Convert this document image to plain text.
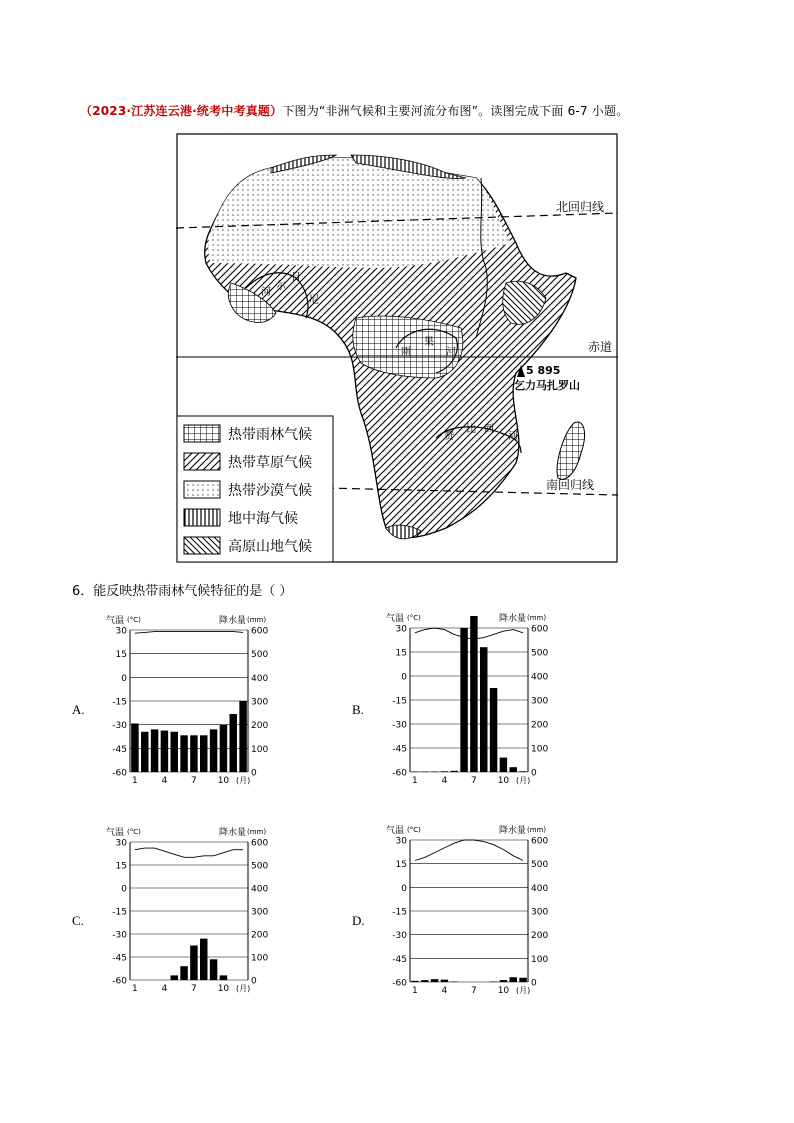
（2023·江苏连云港·统考中考真题）下图为“非洲气候和主要河流分布图”。读图完成下面 6-7 小题。
北回归线
赤道
南回归线
尼
日
尔
河
刚
果
河
赞
比 西
河
5 895
乞力马扎罗山
热带雨林气候
热带草原气候
热带沙漠气候
地中海气候
高原山地气候
6．能反映热带雨林气候特征的是（ ）
A.	B.
C.	D.
气温 (°C)	降水量 (mm)
30	600
15	500
0	400
-15	300
-30	200
-45	100
-60	0
1	4	7 10 (月)
气温 (°C)	降水量 (mm)
30	600
15	500
0	400
-15	300
-30	200
-45	100
-60	0
1	4	7 10 (月)
气温 (°C)	降水量 (mm)
30	600
15	500
0	400
-15	300
-30	200
-45	100
-60	0
1	4	7 10 (月)
气温 (°C)	降水量 (mm)
30	600
15	500
0	400
-15	300
-30	200
-45	100
-60	0
1	4	7 10 (月)
